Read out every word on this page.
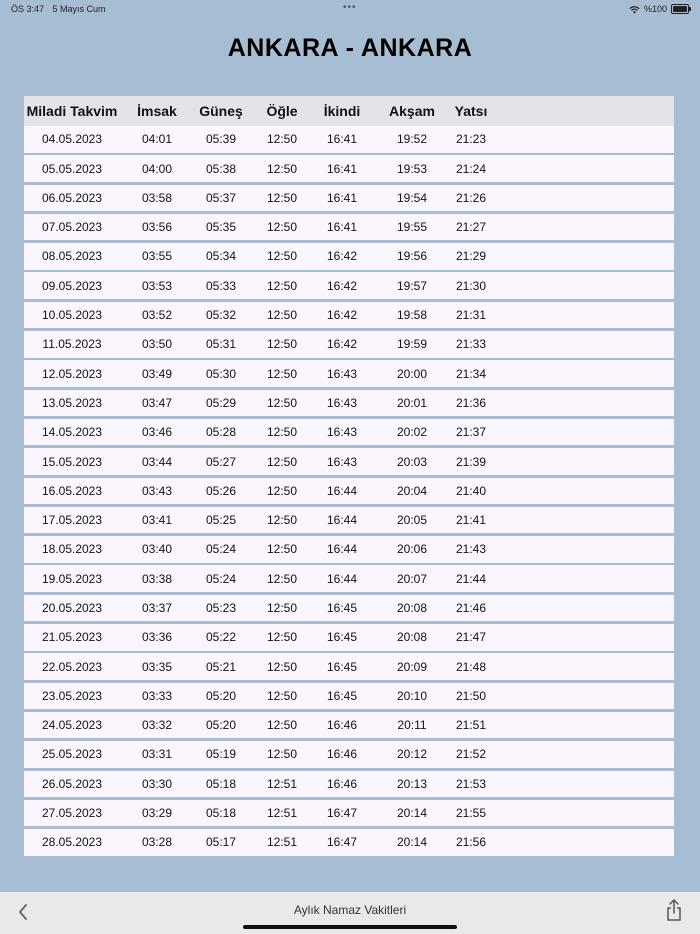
ÖS 3:47 5 Mayıs Cum	•••	%100
ANKARA - ANKARA
Miladi Takvim	İmsak	Güneş	Öğle	İkindi	Akşam	Yatsı
04.05.2023	04:01	05:39	12:50	16:41	19:52	21:23
05.05.2023	04:00	05:38	12:50	16:41	19:53	21:24
06.05.2023	03:58	05:37	12:50	16:41	19:54	21:26
07.05.2023	03:56	05:35	12:50	16:41	19:55	21:27
08.05.2023	03:55	05:34	12:50	16:42	19:56	21:29
09.05.2023	03:53	05:33	12:50	16:42	19:57	21:30
10.05.2023	03:52	05:32	12:50	16:42	19:58	21:31
11.05.2023	03:50	05:31	12:50	16:42	19:59	21:33
12.05.2023	03:49	05:30	12:50	16:43	20:00	21:34
13.05.2023	03:47	05:29	12:50	16:43	20:01	21:36
14.05.2023	03:46	05:28	12:50	16:43	20:02	21:37
15.05.2023	03:44	05:27	12:50	16:43	20:03	21:39
16.05.2023	03:43	05:26	12:50	16:44	20:04	21:40
17.05.2023	03:41	05:25	12:50	16:44	20:05	21:41
18.05.2023	03:40	05:24	12:50	16:44	20:06	21:43
19.05.2023	03:38	05:24	12:50	16:44	20:07	21:44
20.05.2023	03:37	05:23	12:50	16:45	20:08	21:46
21.05.2023	03:36	05:22	12:50	16:45	20:08	21:47
22.05.2023	03:35	05:21	12:50	16:45	20:09	21:48
23.05.2023	03:33	05:20	12:50	16:45	20:10	21:50
24.05.2023	03:32	05:20	12:50	16:46	20:11	21:51
25.05.2023	03:31	05:19	12:50	16:46	20:12	21:52
26.05.2023	03:30	05:18	12:51	16:46	20:13	21:53
27.05.2023	03:29	05:18	12:51	16:47	20:14	21:55
28.05.2023	03:28	05:17	12:51	16:47	20:14	21:56
Aylık Namaz Vakitleri
